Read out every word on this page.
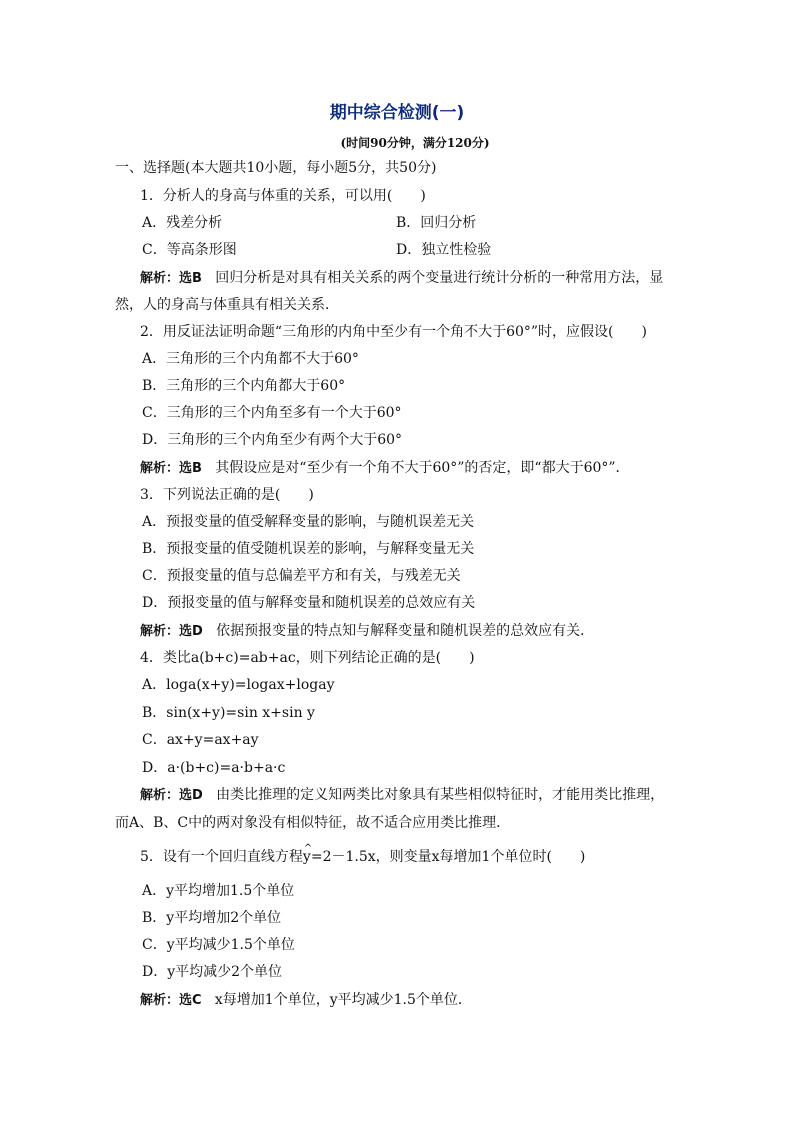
期中综合检测(一)
(时间90分钟，满分120分)
一、选择题(本大题共10小题，每小题5分，共50分)
1．分析人的身高与体重的关系，可以用(　　)
A．残差分析	B．回归分析
C．等高条形图	D．独立性检验
解析：选B 回归分析是对具有相关关系的两个变量进行统计分析的一种常用方法，显
然，人的身高与体重具有相关关系．
2．用反证法证明命题“三角形的内角中至少有一个角不大于60°”时，应假设(　　)
A．三角形的三个内角都不大于60°
B．三角形的三个内角都大于60°
C．三角形的三个内角至多有一个大于60°
D．三角形的三个内角至少有两个大于60°
解析：选B 其假设应是对“至少有一个角不大于60°”的否定，即“都大于60°”．
3．下列说法正确的是(　　)
A．预报变量的值受解释变量的影响，与随机误差无关
B．预报变量的值受随机误差的影响，与解释变量无关
C．预报变量的值与总偏差平方和有关，与残差无关
D．预报变量的值与解释变量和随机误差的总效应有关
解析：选D 依据预报变量的特点知与解释变量和随机误差的总效应有关．
4．类比a(b+c)=ab+ac，则下列结论正确的是(　　)
A．loga(x+y)=logax+logay
B．sin(x+y)=sin x+sin y
C．ax+y=ax+ay
D．a·(b+c)=a·b+a·c
解析：选D 由类比推理的定义知两类比对象具有某些相似特征时，才能用类比推理，
而A、B、C中的两对象没有相似特征，故不适合应用类比推理．
5．设有一个回归直线方程^ y=2－1.5x，则变量x每增加1个单位时(　　)
A．y平均增加1.5个单位
B．y平均增加2个单位
C．y平均减少1.5个单位
D．y平均减少2个单位
解析：选C x每增加1个单位，y平均减少1.5个单位．
